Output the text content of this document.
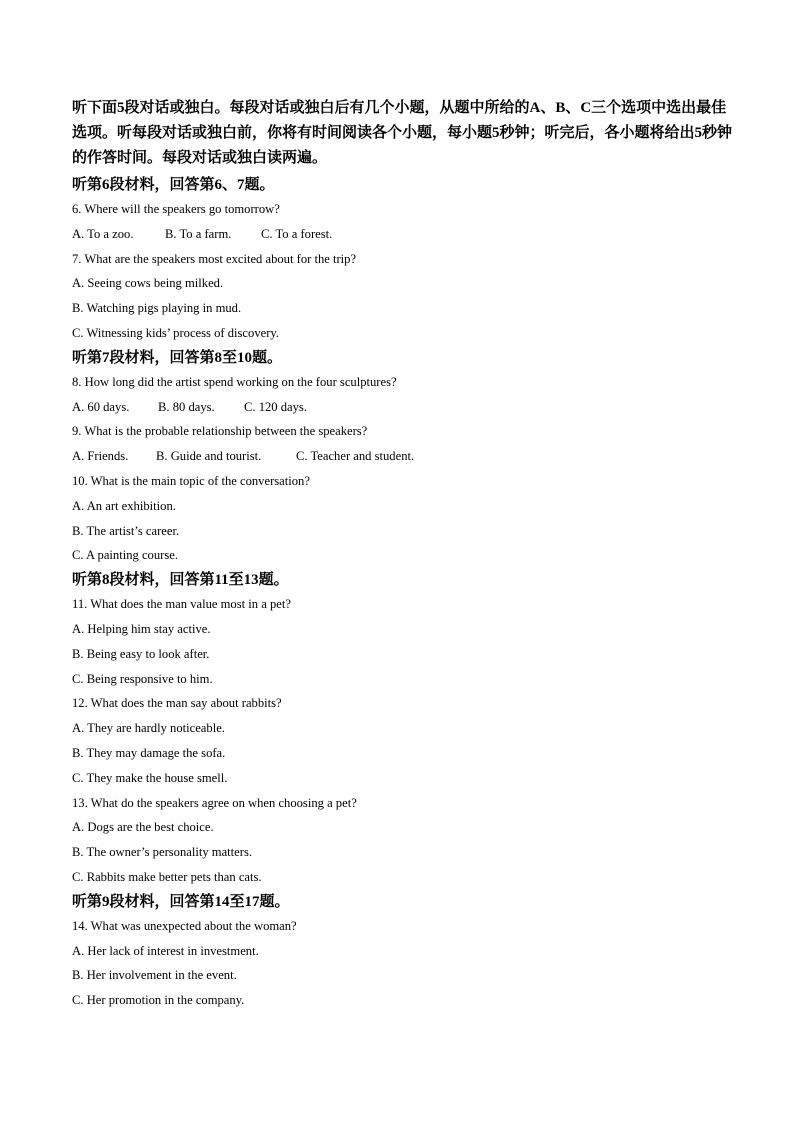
听下面5段对话或独白。每段对话或独白后有几个小题，从题中所给的A、B、C三个选项中选出最佳选项。听每段对话或独白前，你将有时间阅读各个小题，每小题5秒钟；听完后，各小题将给出5秒钟的作答时间。每段对话或独白读两遍。

听第6段材料，回答第6、7题。

6. Where will the speakers go tomorrow?

A. To a zoo.	B. To a farm.	C. To a forest.

7. What are the speakers most excited about for the trip?

A. Seeing cows being milked.

B. Watching pigs playing in mud.

C. Witnessing kids’ process of discovery.

听第7段材料，回答第8至10题。

8. How long did the artist spend working on the four sculptures?

A. 60 days.	B. 80 days.	C. 120 days.

9. What is the probable relationship between the speakers?

A. Friends.	B. Guide and tourist.	C. Teacher and student.

10. What is the main topic of the conversation?

A. An art exhibition.

B. The artist’s career.

C. A painting course.

听第8段材料，回答第11至13题。

11. What does the man value most in a pet?

A. Helping him stay active.

B. Being easy to look after.

C. Being responsive to him.

12. What does the man say about rabbits?

A. They are hardly noticeable.

B. They may damage the sofa.

C. They make the house smell.

13. What do the speakers agree on when choosing a pet?

A. Dogs are the best choice.

B. The owner’s personality matters.

C. Rabbits make better pets than cats.

听第9段材料，回答第14至17题。

14. What was unexpected about the woman?

A. Her lack of interest in investment.

B. Her involvement in the event.

C. Her promotion in the company.
